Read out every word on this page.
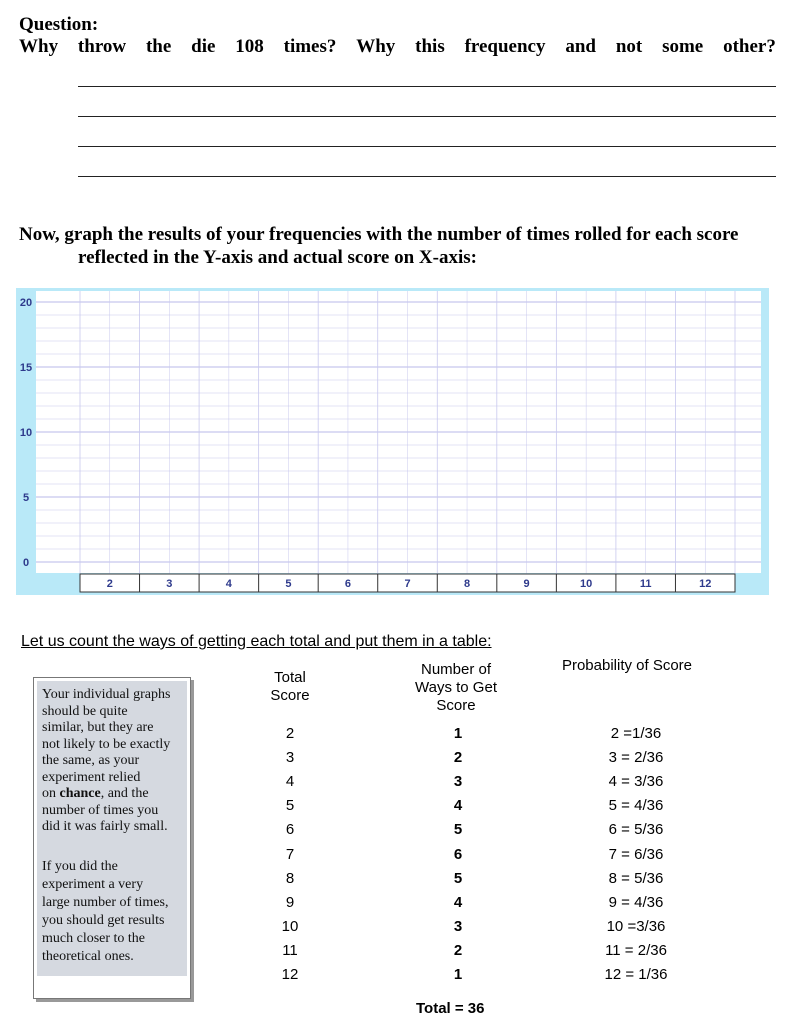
Question:
Why throw the die 108 times? Why this frequency and not some other?
Now, graph the results of your frequencies with the number of times rolled for each score
reflected in the Y-axis and actual score on X-axis:
2	3	4	5	6	7	8	9	10	11	12
0
5
10
15
20
Let us count the ways of getting each total and put them in a table:
Total
Score
Number of
Ways to Get
Score
Probability of Score
Your individual graphs
should be quite
similar, but they are
not likely to be exactly
the same, as your
experiment relied
on chance, and the
number of times you
did it was fairly small.
If you did the
experiment a very
large number of times,
you should get results
much closer to the
theoretical ones.
2	1	2 =1/36
3	2	3 = 2/36
4	3	4 = 3/36
5	4	5 = 4/36
6	5	6 = 5/36
7	6	7 = 6/36
8	5	8 = 5/36
9	4	9 = 4/36
10	3	10 =3/36
11	2	11 = 2/36
12	1	12 = 1/36
Total = 36
